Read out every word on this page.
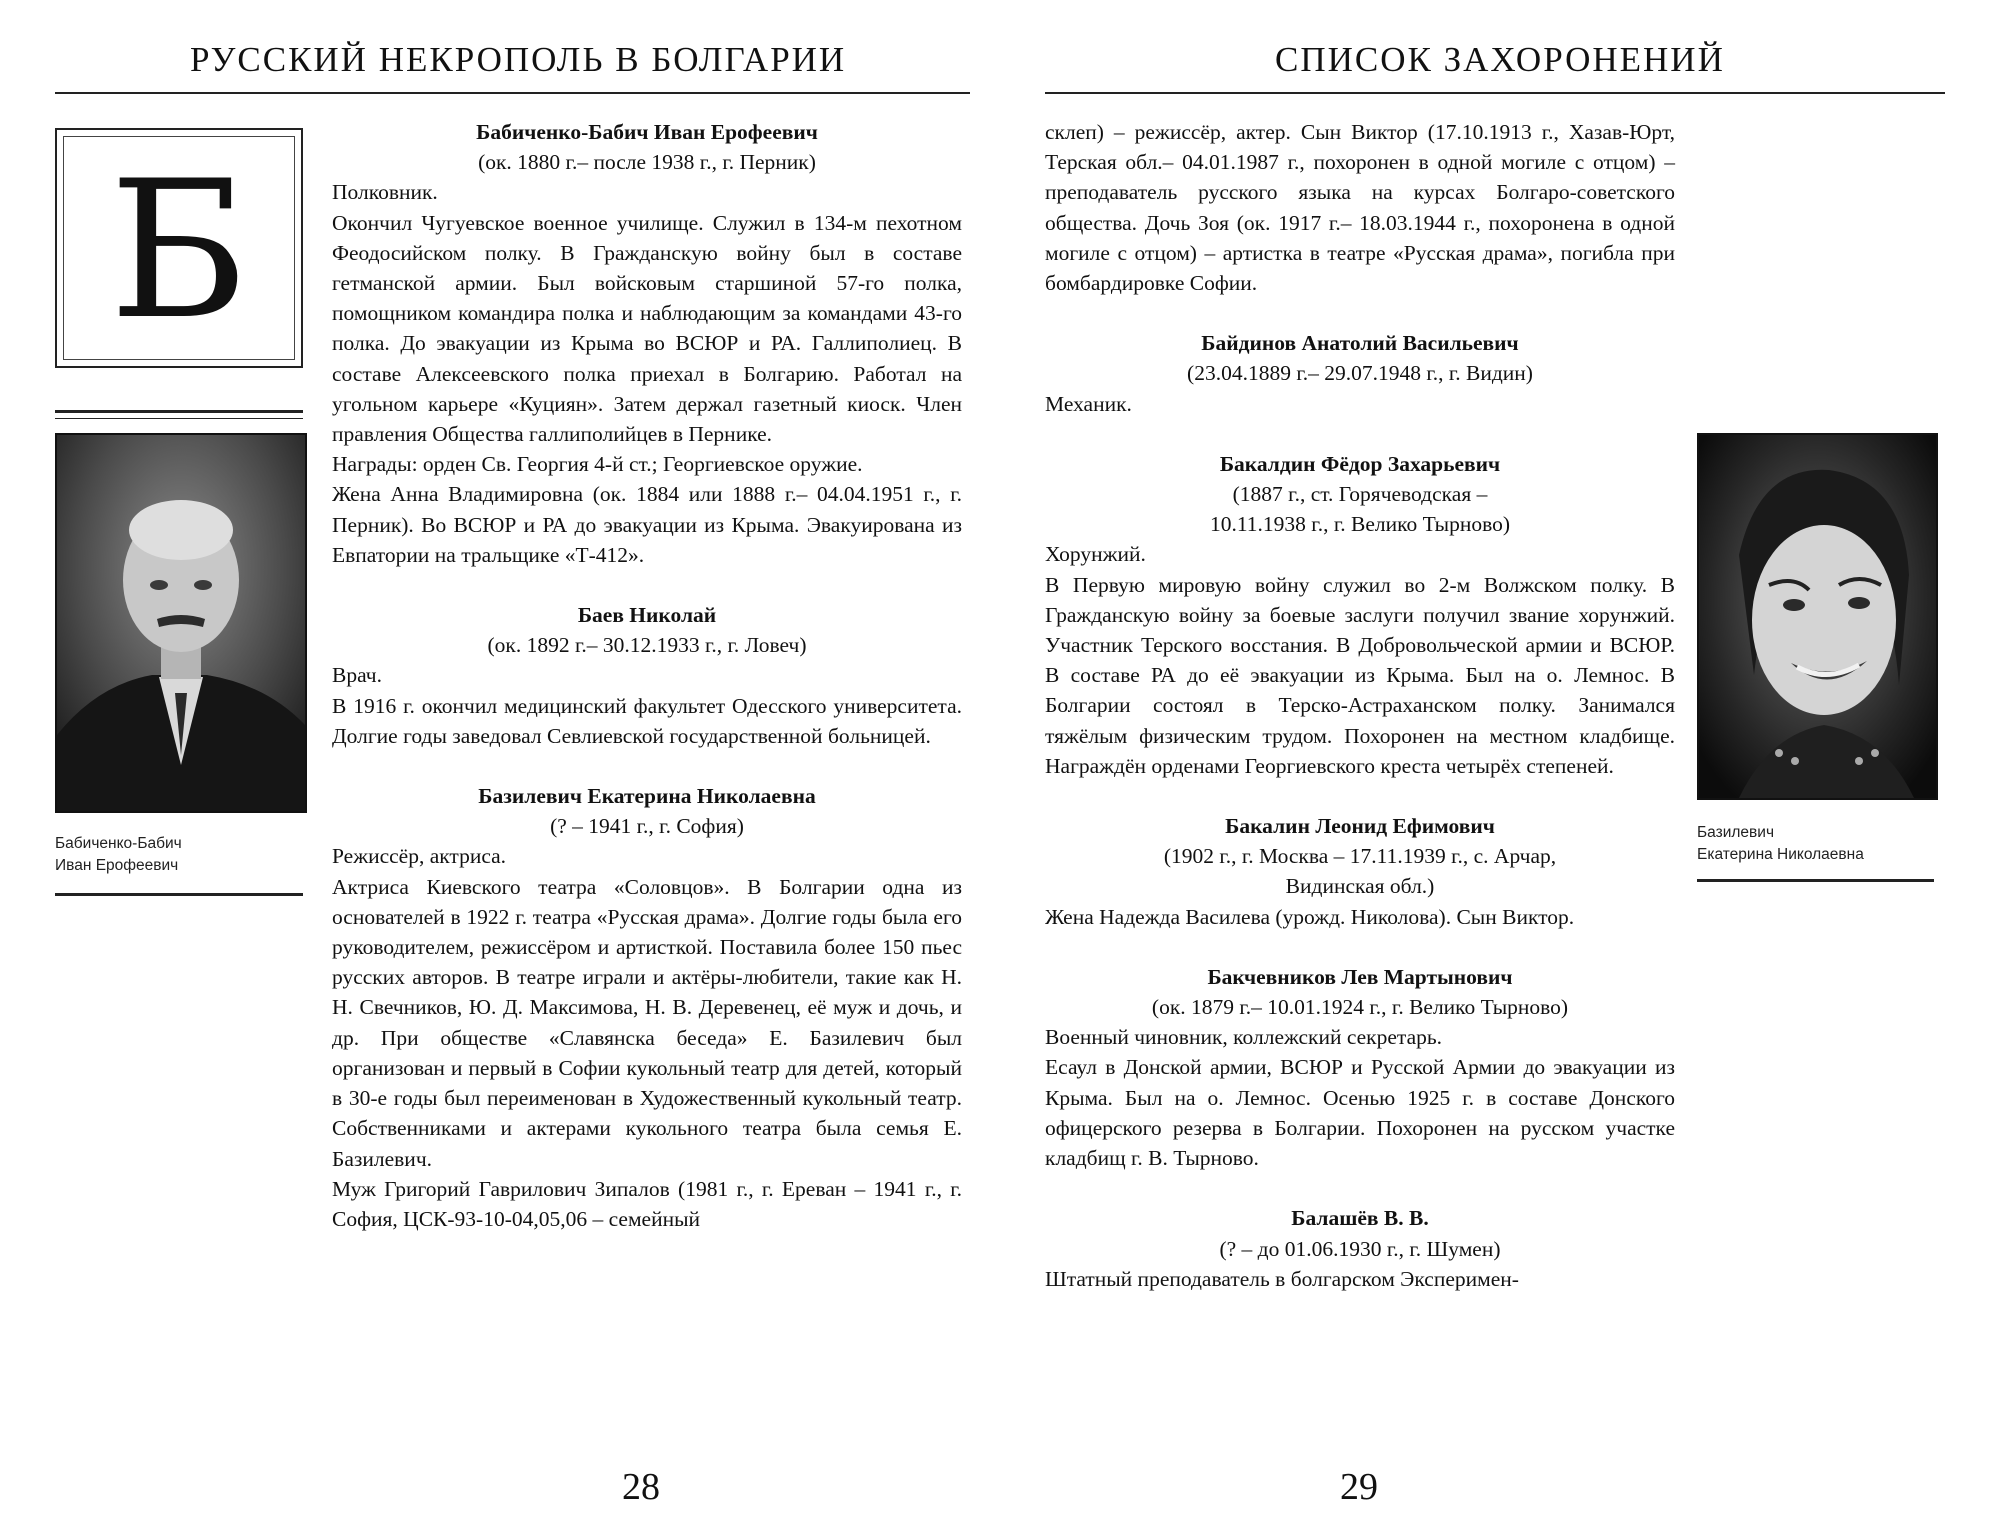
РУССКИЙ НЕКРОПОЛЬ В БОЛГАРИИ
Б
Бабиченко-Бабич
Иван Ерофеевич
Бабиченко-Бабич Иван Ерофеевич
(ок. 1880 г.– после 1938 г., г. Перник)

Полковник.

Окончил Чугуевское военное училище. Служил в 134-м пехотном Феодосийском полку. В Гражданскую войну был в составе гетманской армии. Был войсковым старшиной 57-го полка, помощником командира полка и наблюдающим за командами 43-го полка. До эвакуации из Крыма во ВСЮР и РА. Галлиполиец. В составе Алексеевского полка приехал в Болгарию. Работал на угольном карьере «Куциян». Затем держал газетный киоск. Член правления Общества галлиполийцев в Пернике.

Награды: орден Св. Георгия 4-й ст.; Георгиевское оружие.

Жена Анна Владимировна (ок. 1884 или 1888 г.– 04.04.1951 г., г. Перник). Во ВСЮР и РА до эвакуации из Крыма. Эвакуирована из Евпатории на тральщике «Т-412».

Баев Николай
(ок. 1892 г.– 30.12.1933 г., г. Ловеч)

Врач.

В 1916 г. окончил медицинский факультет Одесского университета. Долгие годы заведовал Севлиевской государственной больницей.

Базилевич Екатерина Николаевна
(? – 1941 г., г. София)

Режиссёр, актриса.

Актриса Киевского театра «Соловцов». В Болгарии одна из основателей в 1922 г. театра «Русская драма». Долгие годы была его руководителем, режиссёром и артисткой. Поставила более 150 пьес русских авторов. В театре играли и актёры-любители, такие как Н. Н. Свечников, Ю. Д. Максимова, Н. В. Деревенец, её муж и дочь, и др. При обществе «Славянска беседа» Е. Базилевич был организован и первый в Софии кукольный театр для детей, который в 30-е годы был переименован в Художественный кукольный театр. Собственниками и актерами кукольного театра была семья Е. Базилевич.

Муж Григорий Гаврилович Зипалов (1981 г., г. Ереван – 1941 г., г. София, ЦСК-93-10-04,05,06 – семейный

28
СПИСОК ЗАХОРОНЕНИЙ

склеп) – режиссёр, актер. Сын Виктор (17.10.1913 г., Хазав-Юрт, Терская обл.– 04.01.1987 г., похоронен в одной могиле с отцом) – преподаватель русского языка на курсах Болгаро-советского общества. Дочь Зоя (ок. 1917 г.– 18.03.1944 г., похоронена в одной могиле с отцом) – артистка в театре «Русская драма», погибла при бомбардировке Софии.

Байдинов Анатолий Васильевич
(23.04.1889 г.– 29.07.1948 г., г. Видин)

Механик.

Бакалдин Фёдор Захарьевич
(1887 г., ст. Горячеводская –
10.11.1938 г., г. Велико Тырново)

Хорунжий.

В Первую мировую войну служил во 2-м Волжском полку. В Гражданскую войну за боевые заслуги получил звание хорунжий. Участник Терского восстания. В Добровольческой армии и ВСЮР. В составе РА до её эвакуации из Крыма. Был на о. Лемнос. В Болгарии состоял в Терско-Астраханском полку. Занимался тяжёлым физическим трудом. Похоронен на местном кладбище. Награждён орденами Георгиевского креста четырёх степеней.

Бакалин Леонид Ефимович
(1902 г., г. Москва – 17.11.1939 г., с. Арчар,
Видинская обл.)

Жена Надежда Василева (урожд. Николова). Сын Виктор.

Бакчевников Лев Мартынович
(ок. 1879 г.– 10.01.1924 г., г. Велико Тырново)

Военный чиновник, коллежский секретарь.

Есаул в Донской армии, ВСЮР и Русской Армии до эвакуации из Крыма. Был на о. Лемнос. Осенью 1925 г. в составе Донского офицерского резерва в Болгарии. Похоронен на русском участке кладбищ г. В. Тырново.

Балашёв В. В.
(? – до 01.06.1930 г., г. Шумен)

Штатный преподаватель в болгарском Эксперимен-

Базилевич
Екатерина Николаевна
29
